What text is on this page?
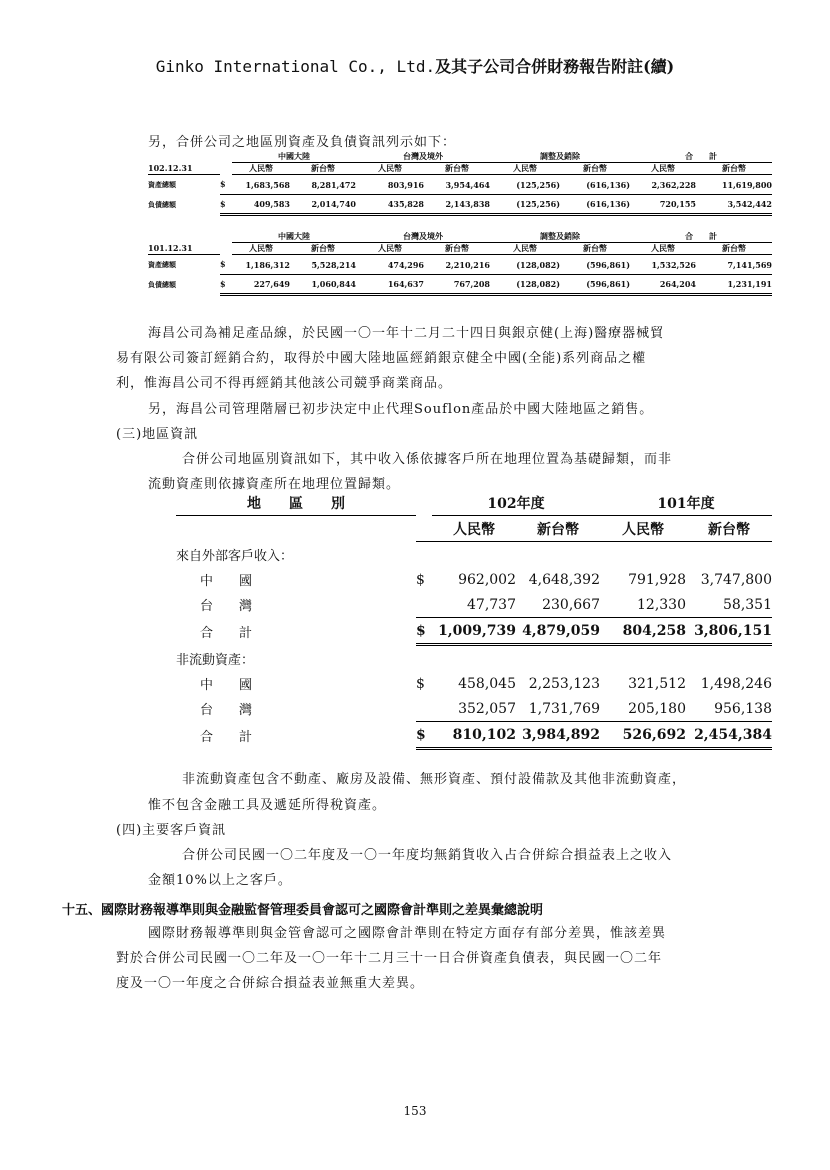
Ginko International Co., Ltd.及其子公司合併財務報告附註(續)
另，合併公司之地區別資產及負債資訊列示如下：
		中國大陸		台灣及境外		調整及銷除		合　　計	
102.12.31		人民幣	新台幣	人民幣	新台幣	人民幣	新台幣	人民幣	新台幣
資產總額	$	1,683,568	8,281,472	803,916	3,954,464	(125,256)	(616,136)	2,362,228	11,619,800
負債總額	$	409,583	2,014,740	435,828	2,143,838	(125,256)	(616,136)	720,155	3,542,442
		中國大陸		台灣及境外		調整及銷除		合　　計	
101.12.31		人民幣	新台幣	人民幣	新台幣	人民幣	新台幣	人民幣	新台幣
資產總額	$	1,186,312	5,528,214	474,296	2,210,216	(128,082)	(596,861)	1,532,526	7,141,569
負債總額	$	227,649	1,060,844	164,637	767,208	(128,082)	(596,861)	264,204	1,231,191
海昌公司為補足產品線，於民國一〇一年十二月二十四日與銀京健(上海)醫療器械貿
易有限公司簽訂經銷合約，取得於中國大陸地區經銷銀京健全中國(全能)系列商品之權
利，惟海昌公司不得再經銷其他該公司競爭商業商品。
另，海昌公司管理階層已初步決定中止代理Souflon產品於中國大陸地區之銷售。
(三)地區資訊
合併公司地區別資訊如下，其中收入係依據客戶所在地理位置為基礎歸類，而非
流動資產則依據資產所在地理位置歸類。
地　　區　　別		102年度		101年度	
		人民幣	新台幣	人民幣	新台幣
來自外部客戶收入：					
中　　國	$	962,002	4,648,392	791,928	3,747,800
台　　灣		47,737	230,667	12,330	58,351
合　　計	$	1,009,739	4,879,059	804,258	3,806,151
非流動資產：					
中　　國	$	458,045	2,253,123	321,512	1,498,246
台　　灣		352,057	1,731,769	205,180	956,138
合　　計	$	810,102	3,984,892	526,692	2,454,384
非流動資產包含不動產、廠房及設備、無形資產、預付設備款及其他非流動資產，
惟不包含金融工具及遞延所得稅資產。
(四)主要客戶資訊
合併公司民國一〇二年度及一〇一年度均無銷貨收入占合併綜合損益表上之收入
金額10%以上之客戶。
十五、國際財務報導準則與金融監督管理委員會認可之國際會計準則之差異彙總說明
國際財務報導準則與金管會認可之國際會計準則在特定方面存有部分差異，惟該差異
對於合併公司民國一〇二年及一〇一年十二月三十一日合併資產負債表，與民國一〇二年
度及一〇一年度之合併綜合損益表並無重大差異。
153
